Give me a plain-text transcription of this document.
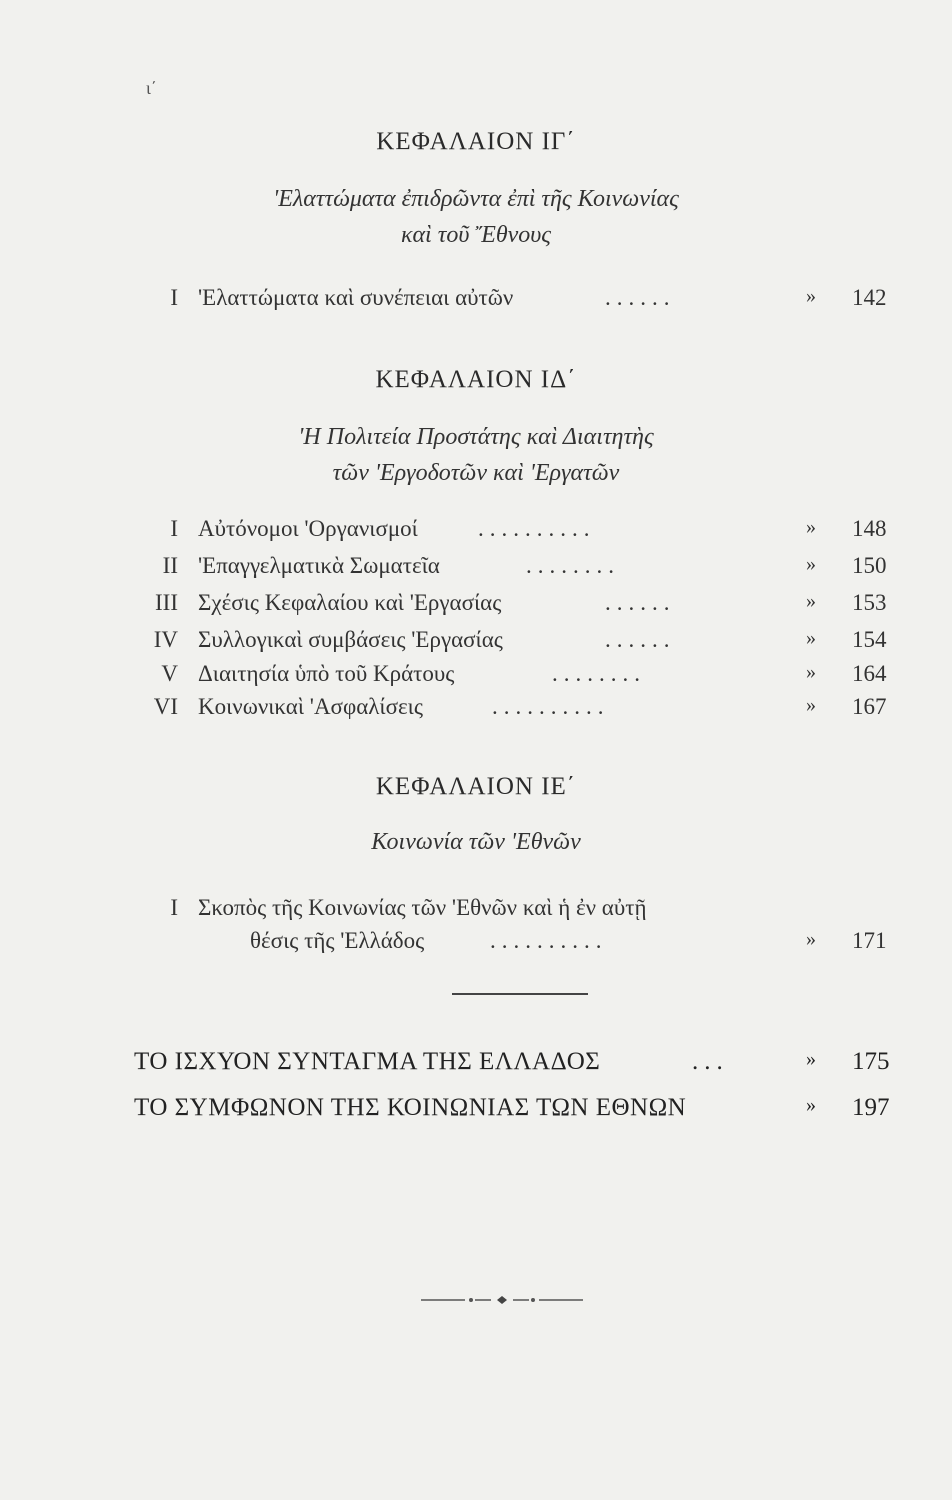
ι΄
ΚΕΦΑΛΑΙΟΝ ΙΓ΄
'Ελαττώματα ἐπιδρῶντα ἐπὶ τῆς Κοινωνίας
καὶ τοῦ Ἔθνους
I 'Ελαττώματα καὶ συνέπειαι αὐτῶν	......	» 142
ΚΕΦΑΛΑΙΟΝ ΙΔ΄
'Η Πολιτεία Προστάτης καὶ Διαιτητὴς
τῶν 'Εργοδοτῶν καὶ 'Εργατῶν
I Αὐτόνομοι 'Οργανισμοί	..........	» 148
II 'Επαγγελματικὰ Σωματεῖα	........	» 150
III Σχέσις Κεφαλαίου καὶ 'Εργασίας	......	» 153
IV Συλλογικαὶ συμβάσεις 'Εργασίας	......	» 154
V Διαιτησία ὑπὸ τοῦ Κράτους	........	» 164
VI Κοινωνικαὶ 'Ασφαλίσεις	..........	» 167
ΚΕΦΑΛΑΙΟΝ ΙΕ΄
Κοινωνία τῶν 'Εθνῶν
I Σκοπὸς τῆς Κοινωνίας τῶν 'Εθνῶν καὶ ἡ ἐν αὐτῇ
θέσις τῆς 'Ελλάδος	..........	» 171
ΤΟ ΙΣΧΥΟΝ ΣΥΝΤΑΓΜΑ ΤΗΣ ΕΛΛΑΔΟΣ	...	» 175
ΤΟ ΣΥΜΦΩΝΟΝ ΤΗΣ ΚΟΙΝΩΝΙΑΣ ΤΩΝ ΕΘΝΩΝ	» 197
